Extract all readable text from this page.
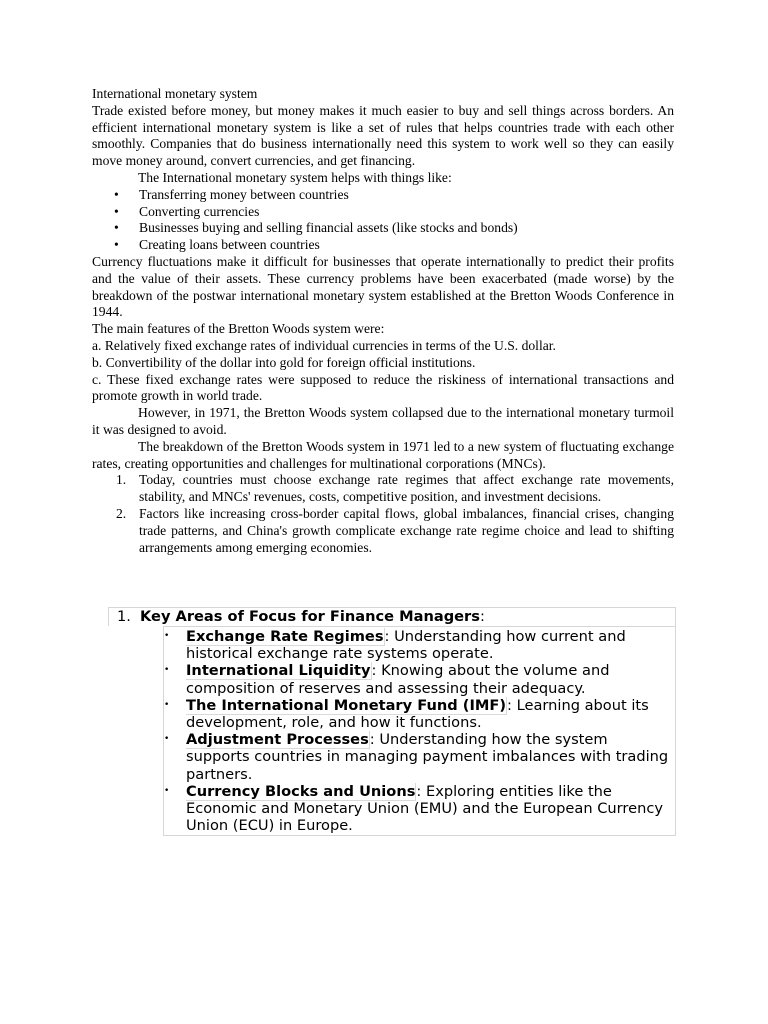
International monetary system

Trade existed before money, but money makes it much easier to buy and sell things across borders. An efficient international monetary system is like a set of rules that helps countries trade with each other smoothly. Companies that do business internationally need this system to work well so they can easily move money around, convert currencies, and get financing.

The International monetary system helps with things like:

• Transferring money between countries
• Converting currencies
• Businesses buying and selling financial assets (like stocks and bonds)
• Creating loans between countries

Currency fluctuations make it difficult for businesses that operate internationally to predict their profits and the value of their assets. These currency problems have been exacerbated (made worse) by the breakdown of the postwar international monetary system established at the Bretton Woods Conference in 1944.

The main features of the Bretton Woods system were:

a. Relatively fixed exchange rates of individual currencies in terms of the U.S. dollar.

b. Convertibility of the dollar into gold for foreign official institutions.

c. These fixed exchange rates were supposed to reduce the riskiness of international transactions and promote growth in world trade.

However, in 1971, the Bretton Woods system collapsed due to the international monetary turmoil it was designed to avoid.

The breakdown of the Bretton Woods system in 1971 led to a new system of fluctuating exchange rates, creating opportunities and challenges for multinational corporations (MNCs).

1. Today, countries must choose exchange rate regimes that affect exchange rate movements, stability, and MNCs' revenues, costs, competitive position, and investment decisions.
2. Factors like increasing cross-border capital flows, global imbalances, financial crises, changing trade patterns, and China's growth complicate exchange rate regime choice and lead to shifting arrangements among emerging economies.
1. Key Areas of Focus for Finance Managers:
• Exchange Rate Regimes: Understanding how current and historical exchange rate systems operate.
• International Liquidity: Knowing about the volume and composition of reserves and assessing their adequacy.
• The International Monetary Fund (IMF): Learning about its development, role, and how it functions.
• Adjustment Processes: Understanding how the system supports countries in managing payment imbalances with trading partners.
• Currency Blocks and Unions: Exploring entities like the Economic and Monetary Union (EMU) and the European Currency Union (ECU) in Europe.
